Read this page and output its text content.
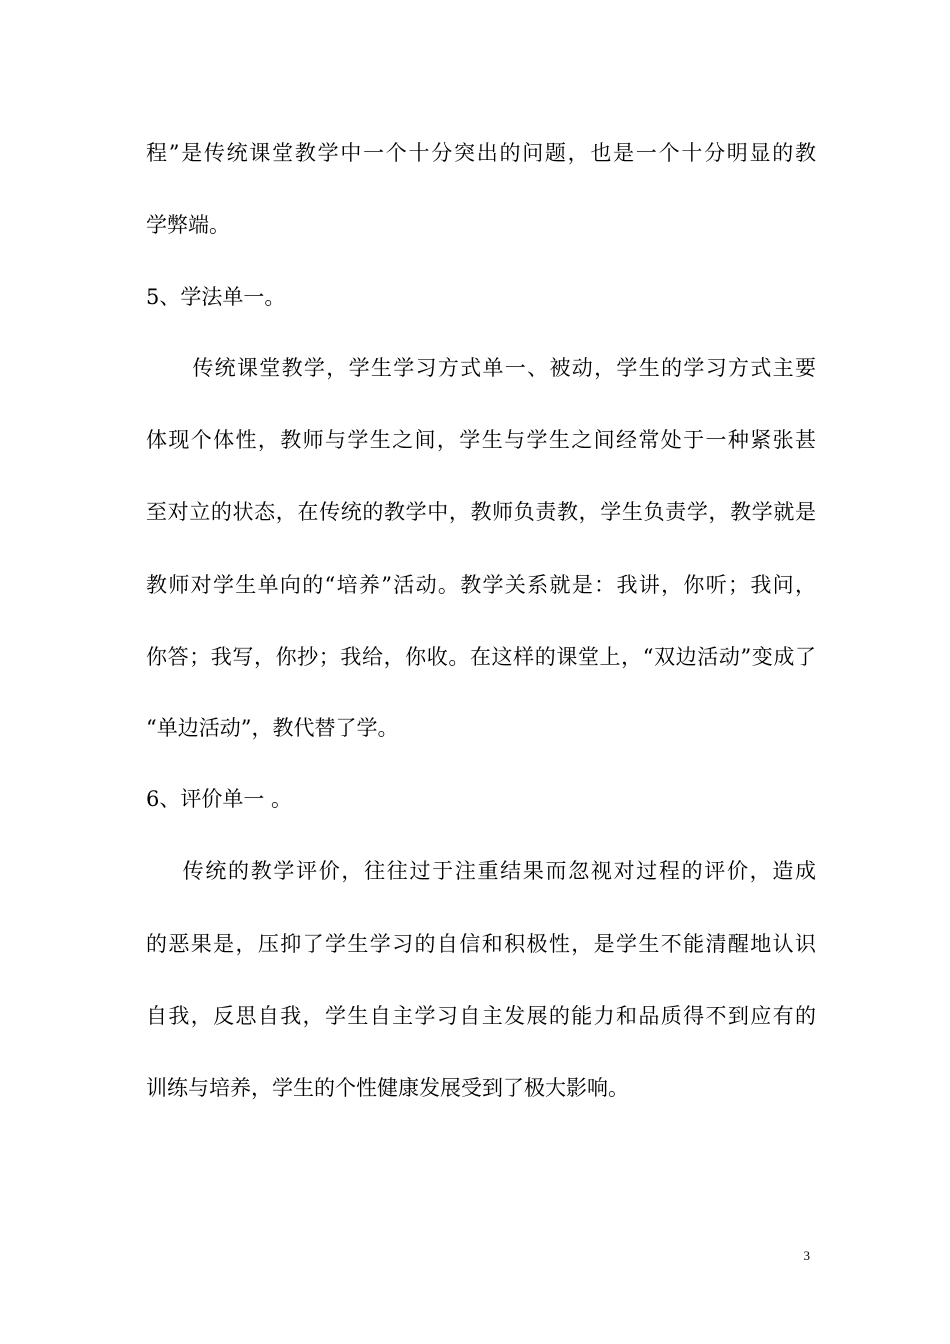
程”是传统课堂教学中一个十分突出的问题，也是一个十分明显的教
学弊端。
5、学法单一。
　传统课堂教学，学生学习方式单一、被动，学生的学习方式主要
体现个体性，教师与学生之间，学生与学生之间经常处于一种紧张甚
至对立的状态，在传统的教学中，教师负责教，学生负责学，教学就是
教师对学生单向的“培养”活动。教学关系就是：我讲，你听；我问，
你答；我写，你抄；我给，你收。在这样的课堂上，“双边活动”变成了
“单边活动”，教代替了学。
6、评价单一 。
　传统的教学评价，往往过于注重结果而忽视对过程的评价，造成
的恶果是，压抑了学生学习的自信和积极性，是学生不能清醒地认识
自我，反思自我，学生自主学习自主发展的能力和品质得不到应有的
训练与培养，学生的个性健康发展受到了极大影响。
3
